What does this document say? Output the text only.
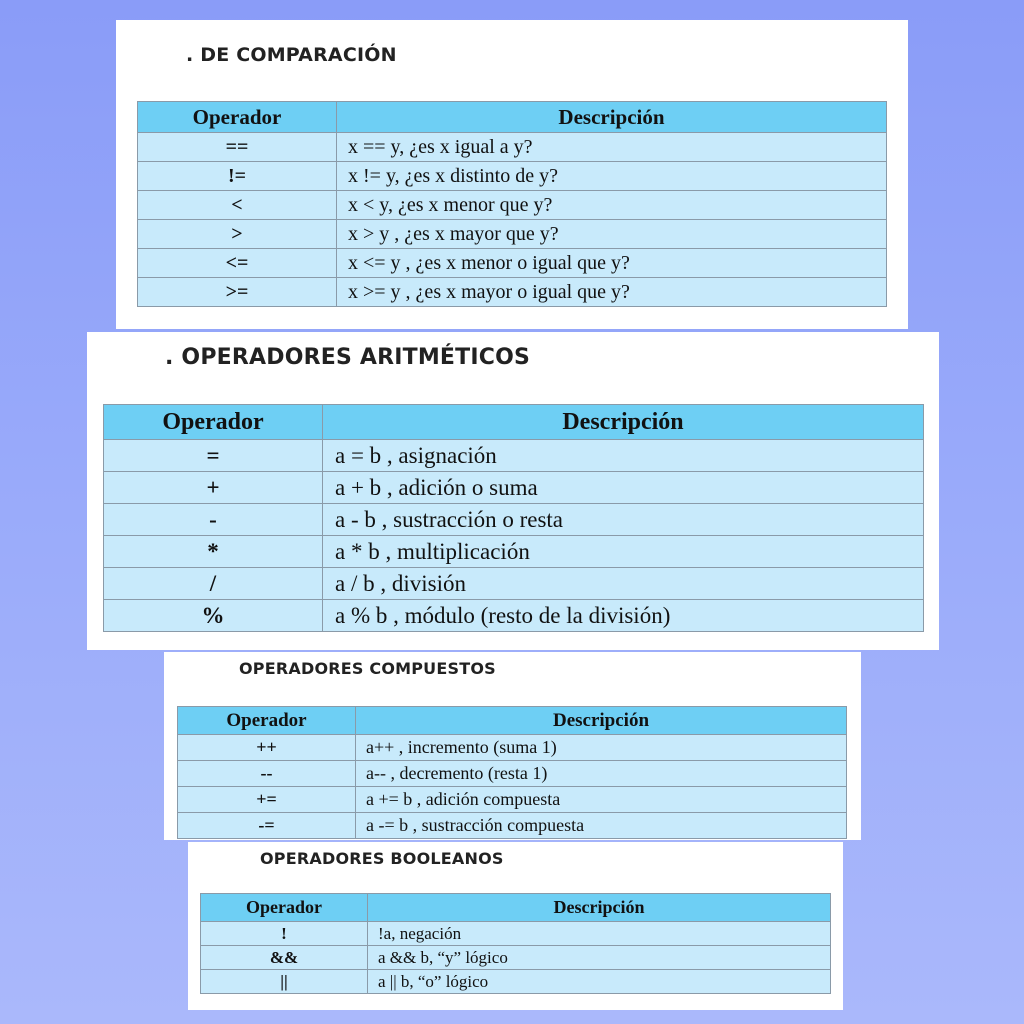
. DE COMPARACIÓN
Operador	Descripción
==	x == y, ¿es x igual a y?
!=	x != y, ¿es x distinto de y?
<	x < y, ¿es x menor que y?
>	x > y , ¿es x mayor que y?
<=	x <= y , ¿es x menor o igual que y?
>=	x >= y , ¿es x mayor o igual que y?
. OPERADORES ARITMÉTICOS
Operador	Descripción
=	a = b , asignación
+	a + b , adición o suma
-	a - b , sustracción o resta
*	a * b , multiplicación
/	a / b , división
%	a % b , módulo (resto de la división)
OPERADORES COMPUESTOS
Operador	Descripción
++	a++ , incremento (suma 1)
--	a-- , decremento (resta 1)
+=	a += b , adición compuesta
-=	a -= b , sustracción compuesta
OPERADORES BOOLEANOS
Operador	Descripción
!	!a, negación
&&	a && b, “y” lógico
||	a || b, “o” lógico
